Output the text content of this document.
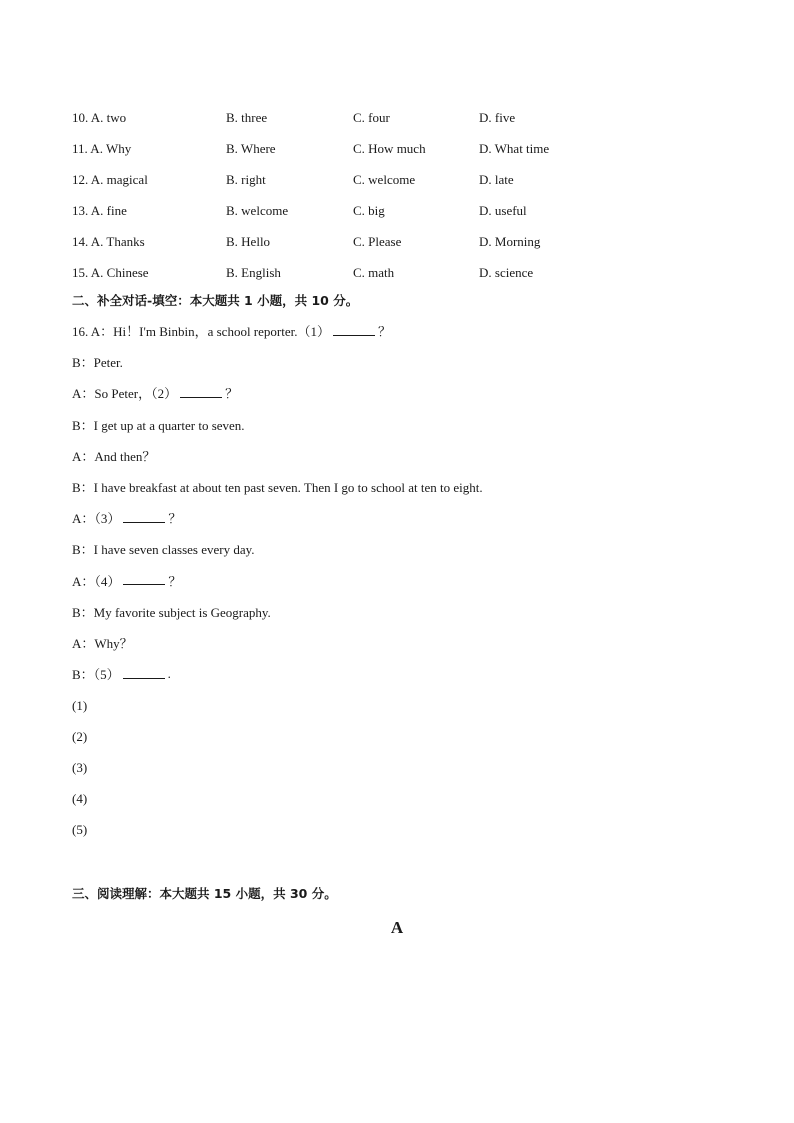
10. A. two	B. three	C. four	D. five
11. A. Why	B. Where	C. How much	D. What time
12. A. magical	B. right	C. welcome	D. late
13. A. fine	B. welcome	C. big	D. useful
14. A. Thanks	B. Hello	C. Please	D. Morning
15. A. Chinese	B. English	C. math	D. science
二、补全对话-填空：本大题共 1 小题，共 10 分。
16. A：Hi！I'm Binbin，a school reporter.（1）	？
B：Peter.
A：So Peter，（2）	？
B：I get up at a quarter to seven.
A：And then？
B：I have breakfast at about ten past seven. Then I go to school at ten to eight.
A：（3）	？
B：I have seven classes every day.
A：（4）	？
B：My favorite subject is Geography.
A：Why？
B：（5）	.
(1)
(2)
(3)
(4)
(5)
三、阅读理解：本大题共 15 小题，共 30 分。
A
